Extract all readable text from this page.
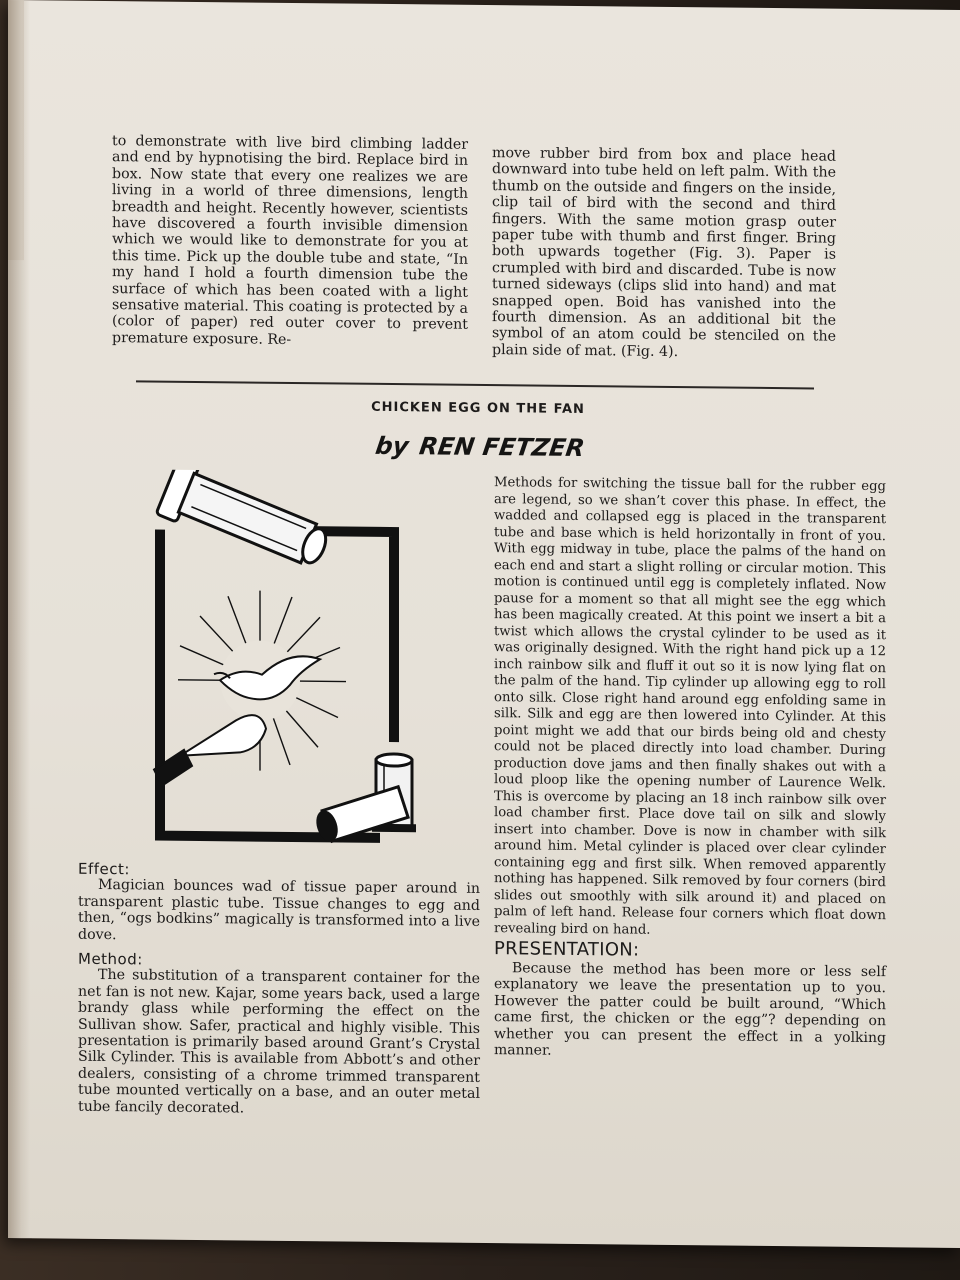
to demonstrate with live bird climbing ladder and end by hypnotising the bird. Replace bird in box. Now state that every one realizes we are living in a world of three dimensions, length breadth and height. Recently however, scientists have discovered a fourth invisible dimension which we would like to demonstrate for you at this time. Pick up the double tube and state, “In my hand I hold a fourth dimension tube the surface of which has been coated with a light sensative material. This coating is protected by a (color of paper) red outer cover to prevent premature exposure. Re-

move rubber bird from box and place head downward into tube held on left palm. With the thumb on the outside and fingers on the inside, clip tail of bird with the second and third fingers. With the same motion grasp outer paper tube with thumb and first finger. Bring both upwards together (Fig. 3). Paper is crumpled with bird and discarded. Tube is now turned sideways (clips slid into hand) and mat snapped open. Boid has vanished into the fourth dimension. As an additional bit the symbol of an atom could be stenciled on the plain side of mat. (Fig. 4).

CHICKEN EGG ON THE FAN
by REN FETZER

Methods for switching the tissue ball for the rubber egg are legend, so we shan’t cover this phase. In effect, the wadded and collapsed egg is placed in the transparent tube and base which is held horizontally in front of you. With egg midway in tube, place the palms of the hand on each end and start a slight rolling or circular motion. This motion is continued until egg is completely inflated. Now pause for a moment so that all might see the egg which has been magically created. At this point we insert a bit a twist which allows the crystal cylinder to be used as it was originally designed. With the right hand pick up a 12 inch rainbow silk and fluff it out so it is now lying flat on the palm of the hand. Tip cylinder up allowing egg to roll onto silk. Close right hand around egg enfolding same in silk. Silk and egg are then lowered into Cylinder. At this point might we add that our birds being old and chesty could not be placed directly into load chamber. During production dove jams and then finally shakes out with a loud ploop like the opening number of Laurence Welk. This is overcome by placing an 18 inch rainbow silk over load chamber first. Place dove tail on silk and slowly insert into chamber. Dove is now in chamber with silk around him. Metal cylinder is placed over clear cylinder containing egg and first silk. When removed apparently nothing has happened. Silk removed by four corners (bird slides out smoothly with silk around it) and placed on palm of left hand. Release four corners which float down revealing bird on hand.

PRESENTATION:

Because the method has been more or less self explanatory we leave the presentation up to you. However the patter could be built around, “Which came first, the chicken or the egg”? depending on whether you can present the effect in a yolking manner.

Effect:

Magician bounces wad of tissue paper around in transparent plastic tube. Tissue changes to egg and then, “ogs bodkins” magically is transformed into a live dove.

Method:

The substitution of a transparent container for the net fan is not new. Kajar, some years back, used a large brandy glass while performing the effect on the Sullivan show. Safer, practical and highly visible. This presentation is primarily based around Grant’s Crystal Silk Cylinder. This is available from Abbott’s and other dealers, consisting of a chrome trimmed transparent tube mounted vertically on a base, and an outer metal tube fancily decorated.
